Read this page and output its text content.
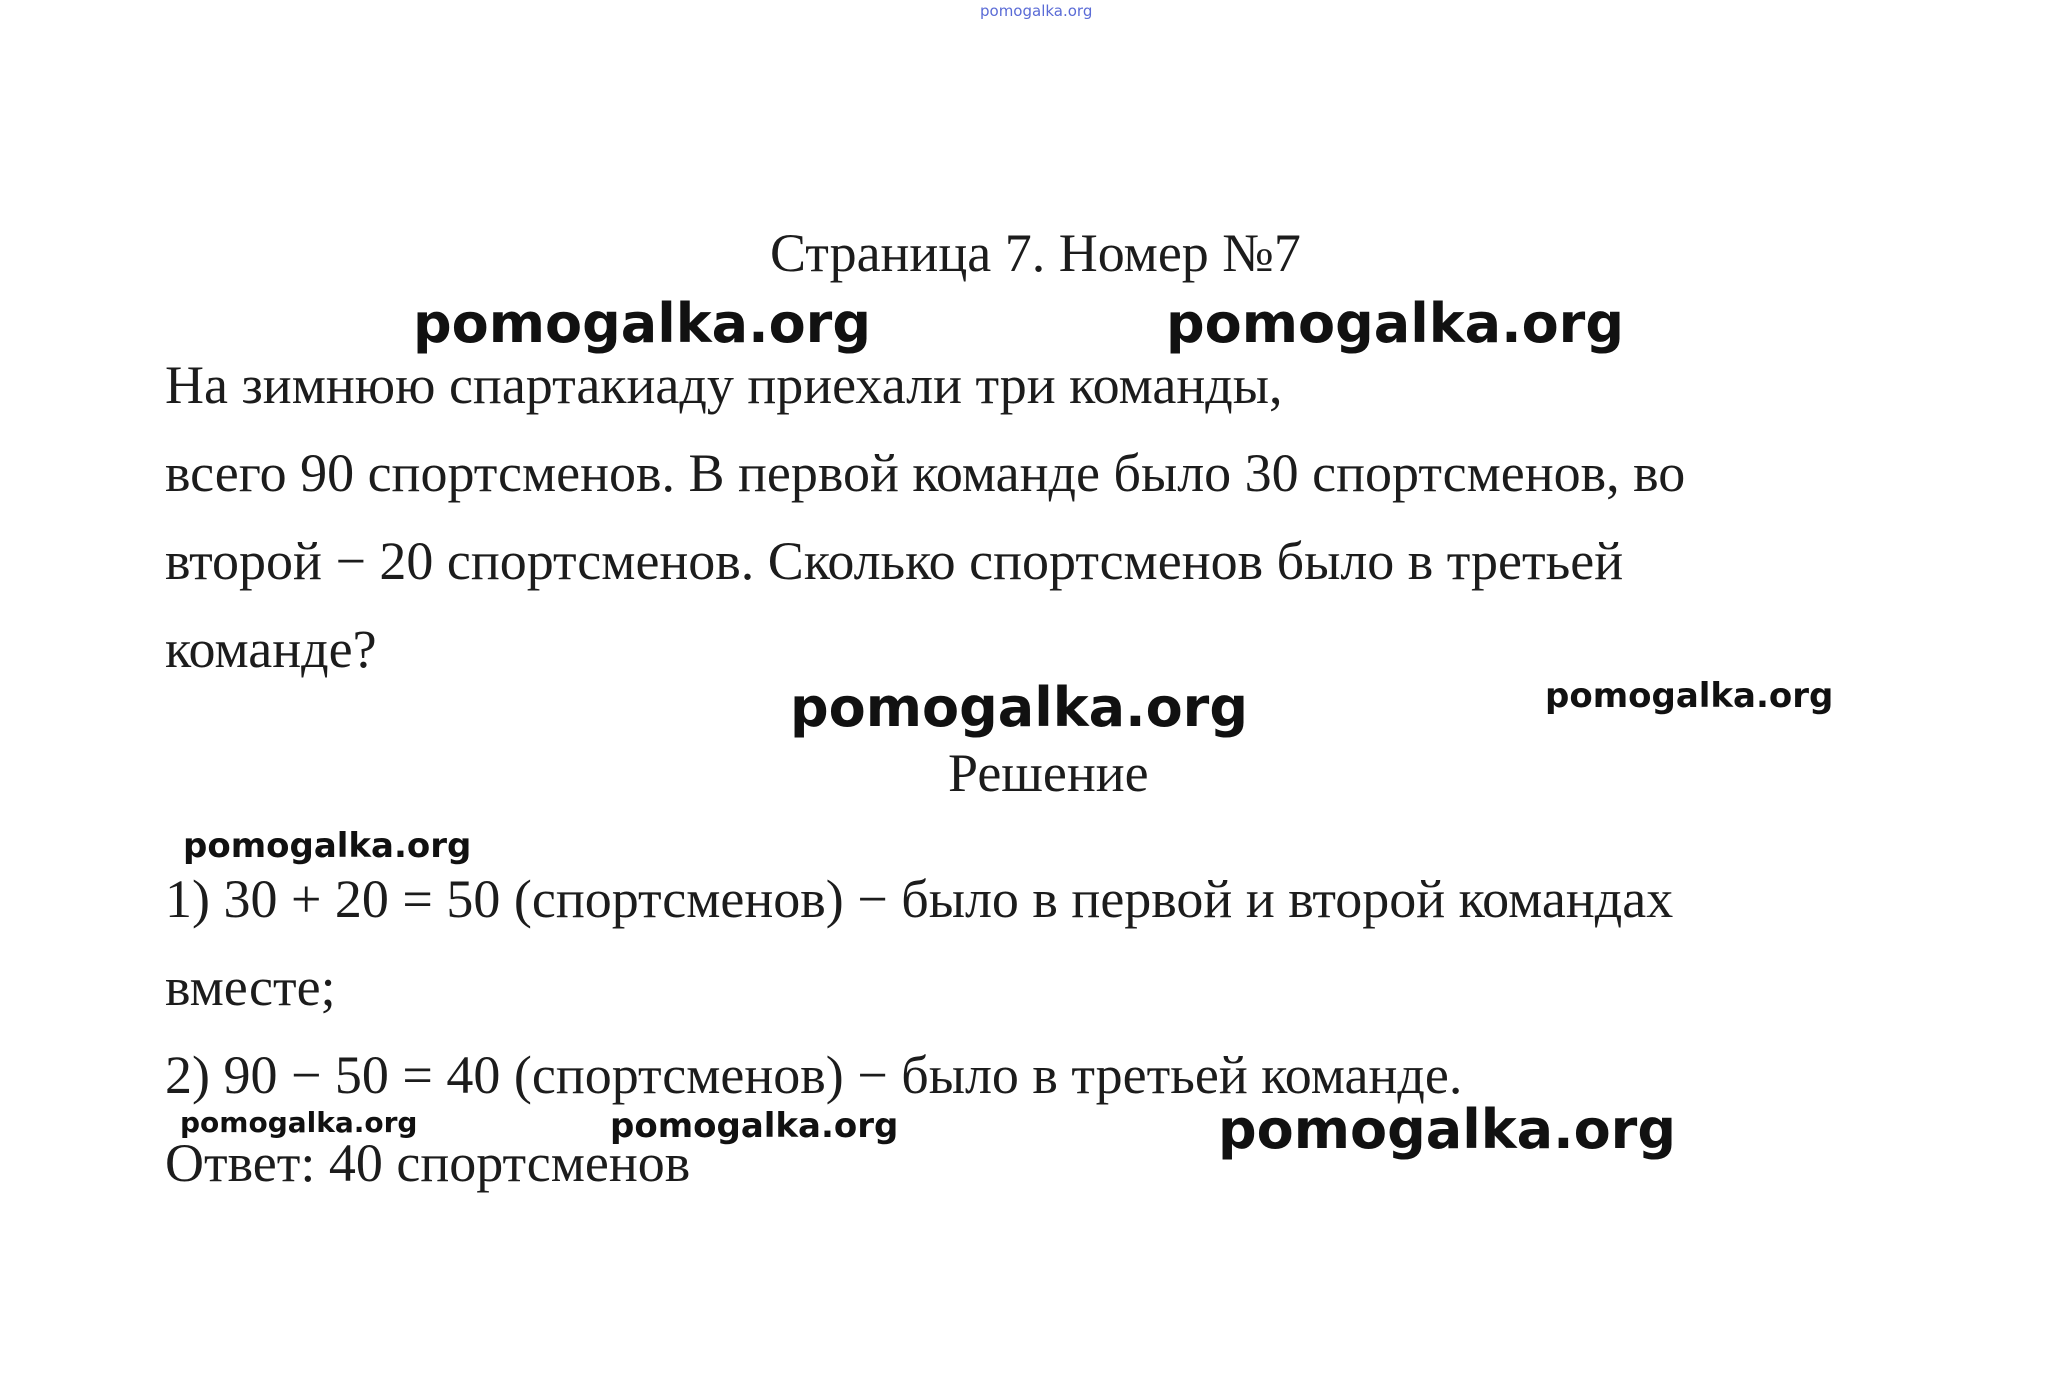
pomogalka.org
Страница 7. Номер №7
pomogalka.org	pomogalka.org
На зимнюю спартакиаду приехали три команды,
всего 90 спортсменов. В первой команде было 30 спортсменов, во
второй − 20 спортсменов. Сколько спортсменов было в третьей
команде?
pomogalka.org	pomogalka.org
Решение
pomogalka.org
1) 30 + 20 = 50 (спортсменов) − было в первой и второй командах
вместе;
2) 90 − 50 = 40 (спортсменов) − было в третьей команде.
Ответ: 40 спортсменов
pomogalka.org	pomogalka.org	pomogalka.org
